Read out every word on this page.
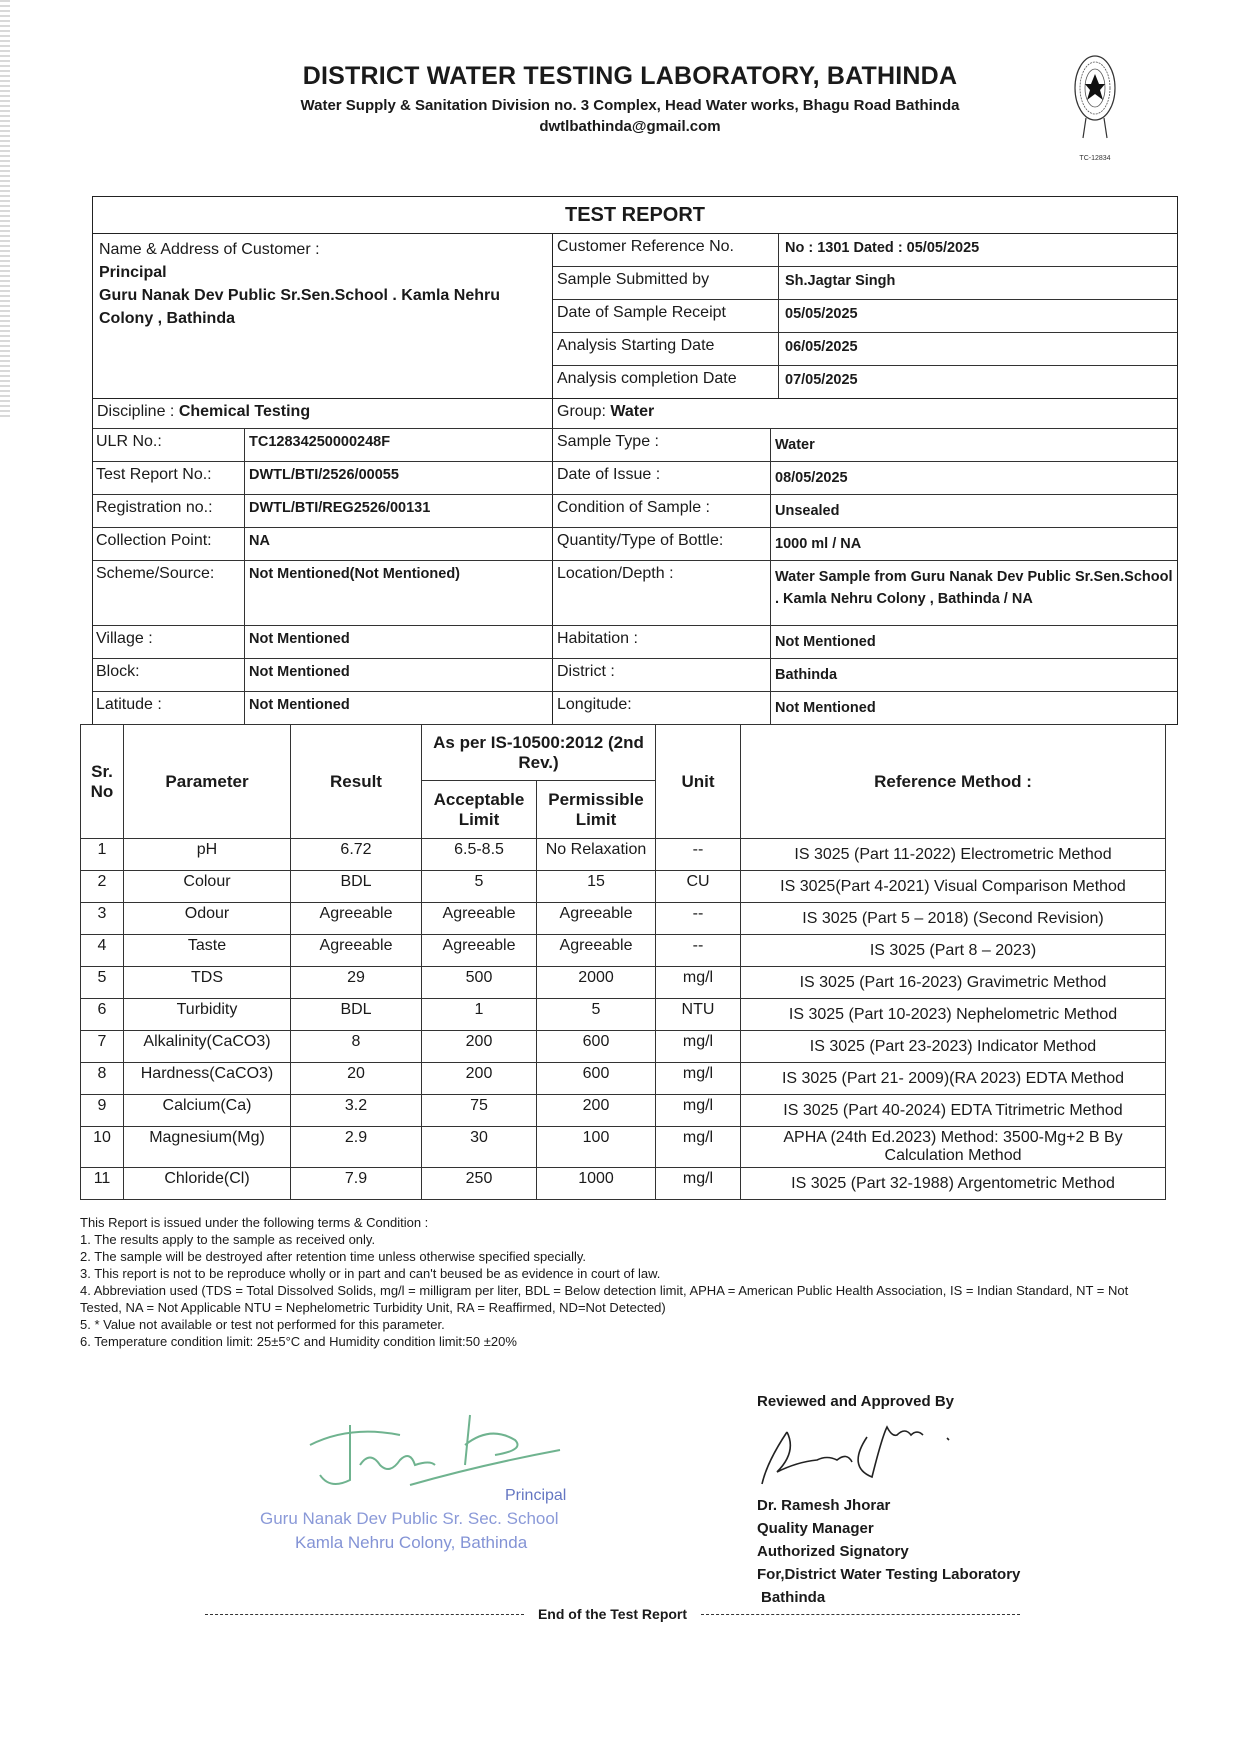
DISTRICT WATER TESTING LABORATORY, BATHINDA
Water Supply & Sanitation Division no. 3 Complex, Head Water works, Bhagu Road Bathinda
dwtlbathinda@gmail.com
TC-12834
TEST REPORT
Name & Address of Customer :
Principal
Guru Nanak Dev Public Sr.Sen.School . Kamla Nehru Colony , Bathinda
Customer Reference No.	No : 1301 Dated : 05/05/2025
Sample Submitted by	Sh.Jagtar Singh
Date of Sample Receipt	05/05/2025
Analysis Starting Date	06/05/2025
Analysis completion Date	07/05/2025
Discipline : Chemical Testing	Group: Water
ULR No.:	TC12834250000248F	Sample Type :	Water
Test Report No.:	DWTL/BTI/2526/00055	Date of Issue :	08/05/2025
Registration no.:	DWTL/BTI/REG2526/00131	Condition of Sample :	Unsealed
Collection Point:	NA	Quantity/Type of Bottle:	1000 ml / NA
Scheme/Source:	Not Mentioned(Not Mentioned)	Location/Depth :	Water Sample from Guru Nanak Dev Public Sr.Sen.School . Kamla Nehru Colony , Bathinda / NA
Village :	Not Mentioned	Habitation :	Not Mentioned
Block:	Not Mentioned	District :	Bathinda
Latitude :	Not Mentioned	Longitude:	Not Mentioned
Sr. No	Parameter	Result	As per IS-10500:2012 (2nd Rev.)		Unit	Reference Method :
			Acceptable Limit	Permissible Limit		
1	pH	6.72	6.5-8.5	No Relaxation	--	IS 3025 (Part 11-2022) Electrometric Method
2	Colour	BDL	5	15	CU	IS 3025(Part 4-2021) Visual Comparison Method
3	Odour	Agreeable	Agreeable	Agreeable	--	IS 3025 (Part 5 – 2018) (Second Revision)
4	Taste	Agreeable	Agreeable	Agreeable	--	IS 3025 (Part 8 – 2023)
5	TDS	29	500	2000	mg/l	IS 3025 (Part 16-2023) Gravimetric Method
6	Turbidity	BDL	1	5	NTU	IS 3025 (Part 10-2023) Nephelometric Method
7	Alkalinity(CaCO3)	8	200	600	mg/l	IS 3025 (Part 23-2023) Indicator Method
8	Hardness(CaCO3)	20	200	600	mg/l	IS 3025 (Part 21- 2009)(RA 2023) EDTA Method
9	Calcium(Ca)	3.2	75	200	mg/l	IS 3025 (Part 40-2024) EDTA Titrimetric Method
10	Magnesium(Mg)	2.9	30	100	mg/l	APHA (24th Ed.2023) Method: 3500-Mg+2 B By Calculation Method
11	Chloride(Cl)	7.9	250	1000	mg/l	IS 3025 (Part 32-1988) Argentometric Method

This Report is issued under the following terms & Condition :

1. The results apply to the sample as received only.

2. The sample will be destroyed after retention time unless otherwise specified specially.

3. This report is not to be reproduce wholly or in part and can't beused be as evidence in court of law.

4. Abbreviation used (TDS = Total Dissolved Solids, mg/l = milligram per liter, BDL = Below detection limit, APHA = American Public Health Association, IS = Indian Standard, NT = Not Tested, NA = Not Applicable NTU = Nephelometric Turbidity Unit, RA = Reaffirmed, ND=Not Detected)

5. * Value not available or test not performed for this parameter.

6. Temperature condition limit: 25±5°C and Humidity condition limit:50 ±20%

Principal
Guru Nanak Dev Public Sr. Sec. School
Kamla Nehru Colony, Bathinda
Reviewed and Approved By
Dr. Ramesh Jhorar
Quality Manager
Authorized Signatory
For,District Water Testing Laboratory
Bathinda
End of the Test Report
